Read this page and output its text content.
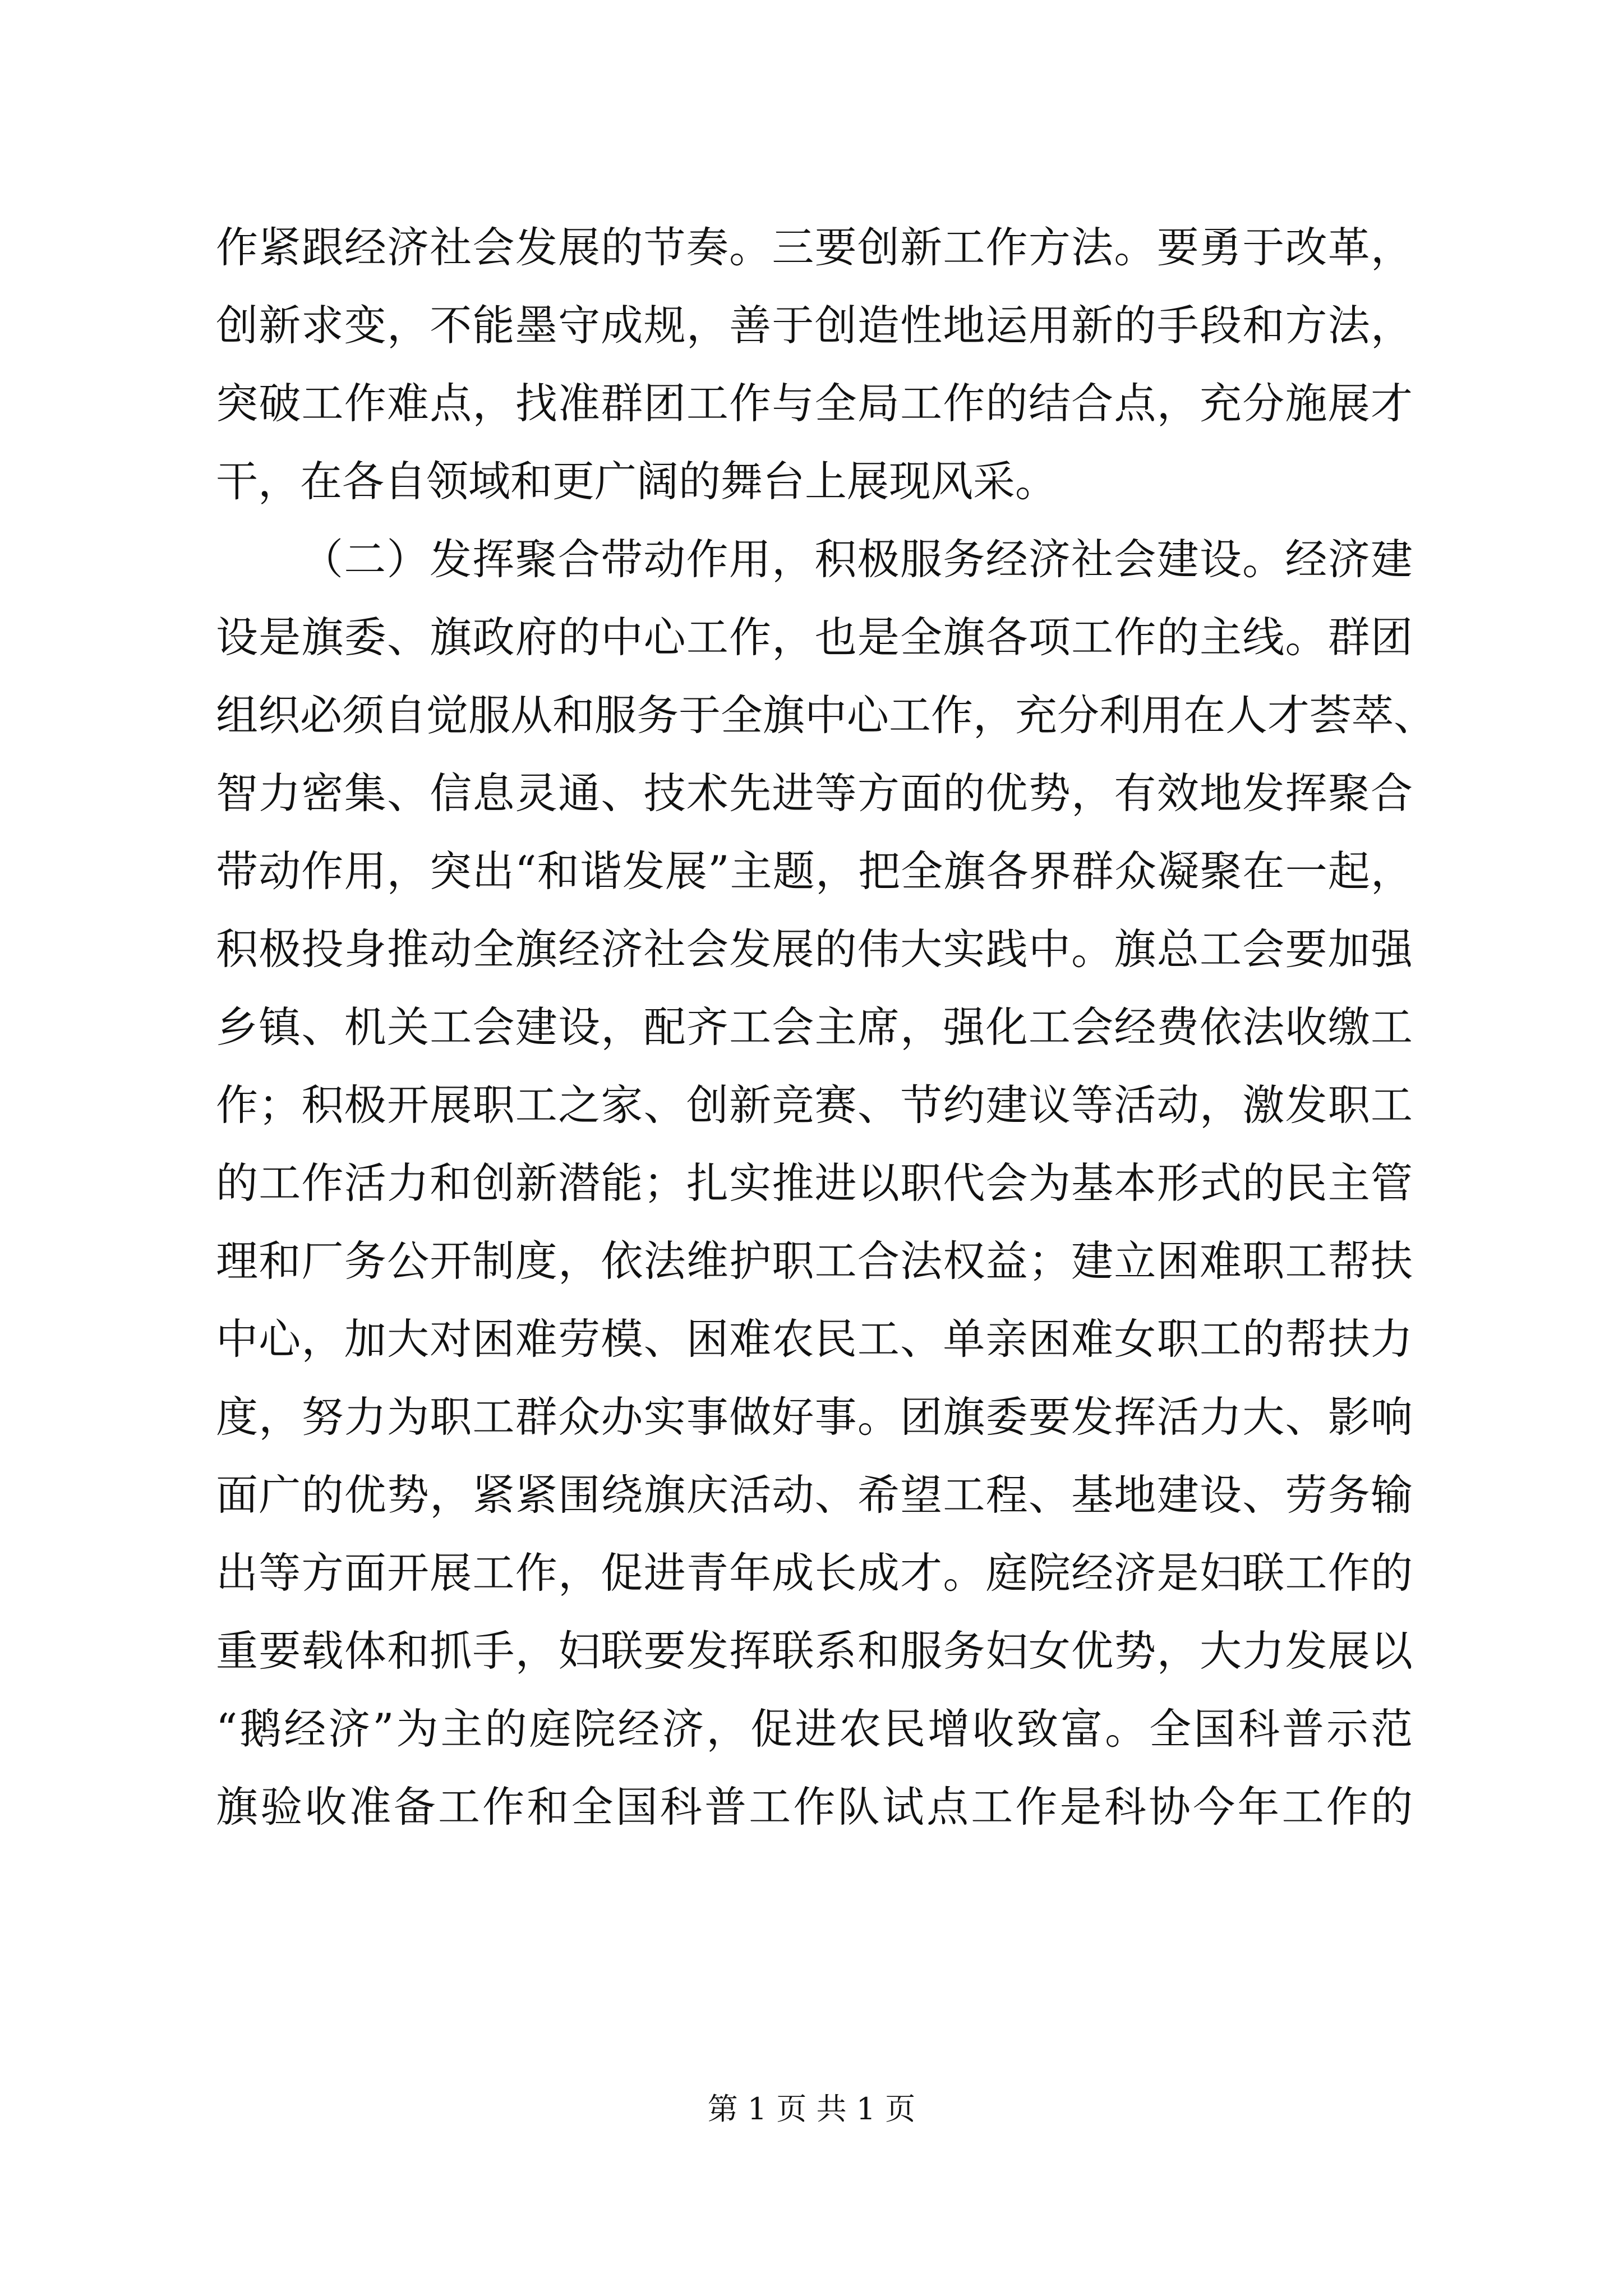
作紧跟经济社会发展的节奏。三要创新工作方法。要勇于改革，
创新求变，不能墨守成规，善于创造性地运用新的手段和方法，
突破工作难点，找准群团工作与全局工作的结合点，充分施展才
干，在各自领域和更广阔的舞台上展现风采。
（二）发挥聚合带动作用，积极服务经济社会建设。经济建
设是旗委、旗政府的中心工作，也是全旗各项工作的主线。群团
组织必须自觉服从和服务于全旗中心工作，充分利用在人才荟萃、
智力密集、信息灵通、技术先进等方面的优势，有效地发挥聚合
带动作用，突出“和谐发展”主题，把全旗各界群众凝聚在一起，
积极投身推动全旗经济社会发展的伟大实践中。旗总工会要加强
乡镇、机关工会建设，配齐工会主席，强化工会经费依法收缴工
作；积极开展职工之家、创新竞赛、节约建议等活动，激发职工
的工作活力和创新潜能；扎实推进以职代会为基本形式的民主管
理和厂务公开制度，依法维护职工合法权益；建立困难职工帮扶
中心，加大对困难劳模、困难农民工、单亲困难女职工的帮扶力
度，努力为职工群众办实事做好事。团旗委要发挥活力大、影响
面广的优势，紧紧围绕旗庆活动、希望工程、基地建设、劳务输
出等方面开展工作，促进青年成长成才。庭院经济是妇联工作的
重要载体和抓手，妇联要发挥联系和服务妇女优势，大力发展以
“鹅经济”为主的庭院经济，促进农民增收致富。全国科普示范
旗验收准备工作和全国科普工作队试点工作是科协今年工作的
第 1 页 共 1 页
